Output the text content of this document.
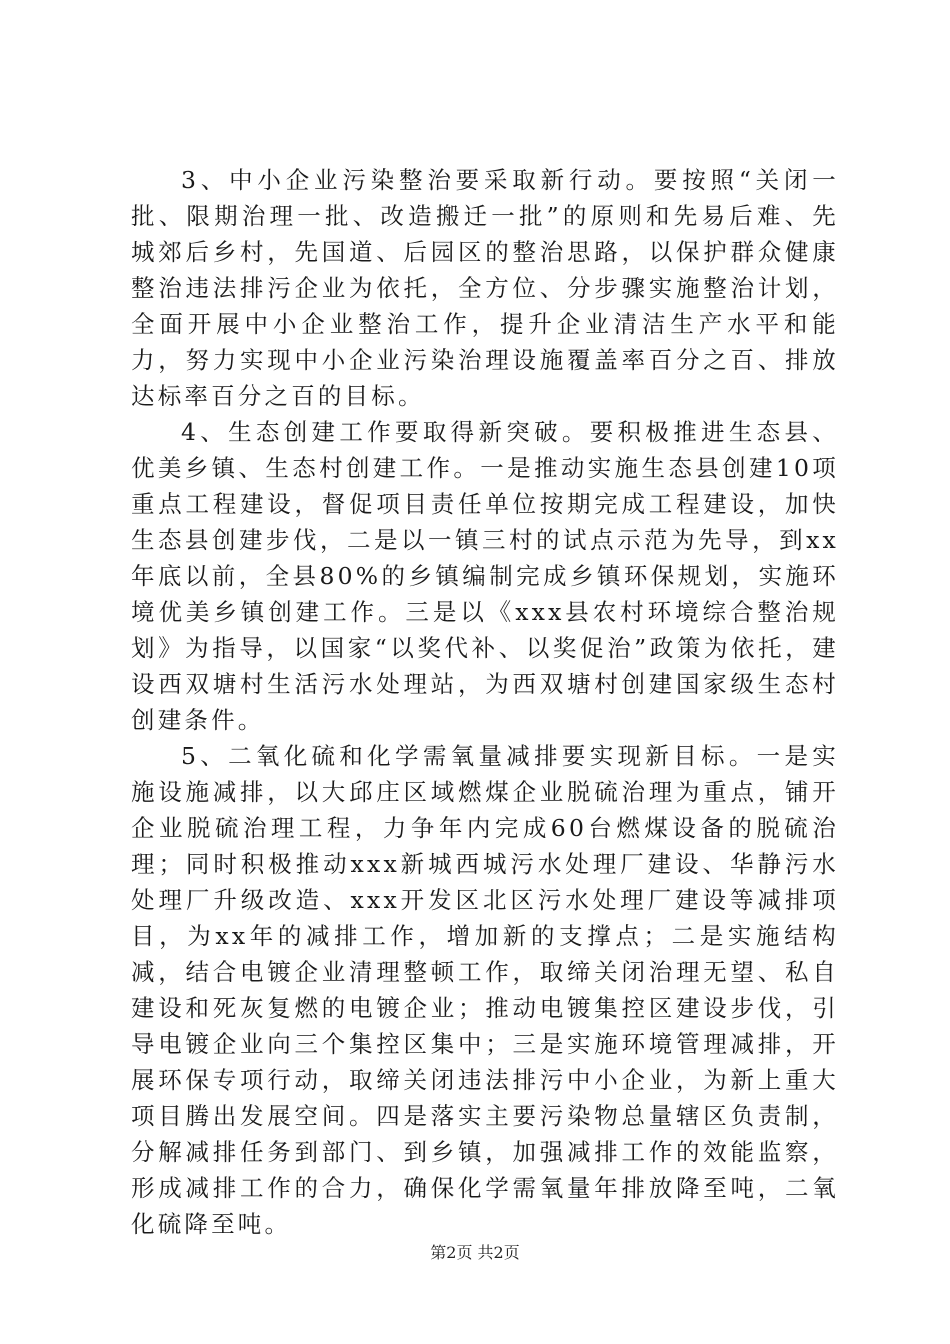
3、中小企业污染整治要采取新行动。要按照“关闭一批、限期治理一批、改造搬迁一批”的原则和先易后难、先城郊后乡村，先国道、后园区的整治思路，以保护群众健康整治违法排污企业为依托，全方位、分步骤实施整治计划，全面开展中小企业整治工作，提升企业清洁生产水平和能力，努力实现中小企业污染治理设施覆盖率百分之百、排放达标率百分之百的目标。

4、生态创建工作要取得新突破。要积极推进生态县、优美乡镇、生态村创建工作。一是推动实施生态县创建10项重点工程建设，督促项目责任单位按期完成工程建设，加快生态县创建步伐，二是以一镇三村的试点示范为先导，到xx年底以前，全县80%的乡镇编制完成乡镇环保规划，实施环境优美乡镇创建工作。三是以《xxx县农村环境综合整治规划》为指导，以国家“以奖代补、以奖促治”政策为依托，建设西双塘村生活污水处理站，为西双塘村创建国家级生态村创建条件。

5、二氧化硫和化学需氧量减排要实现新目标。一是实施设施减排，以大邱庄区域燃煤企业脱硫治理为重点，铺开企业脱硫治理工程，力争年内完成60台燃煤设备的脱硫治理；同时积极推动xxx新城西城污水处理厂建设、华静污水处理厂升级改造、xxx开发区北区污水处理厂建设等减排项目，为xx年的减排工作，增加新的支撑点；二是实施结构减，结合电镀企业清理整顿工作，取缔关闭治理无望、私自建设和死灰复燃的电镀企业；推动电镀集控区建设步伐，引导电镀企业向三个集控区集中；三是实施环境管理减排，开展环保专项行动，取缔关闭违法排污中小企业，为新上重大项目腾出发展空间。四是落实主要污染物总量辖区负责制，分解减排任务到部门、到乡镇，加强减排工作的效能监察，形成减排工作的合力，确保化学需氧量年排放降至吨，二氧化硫降至吨。

第2页 共2页
